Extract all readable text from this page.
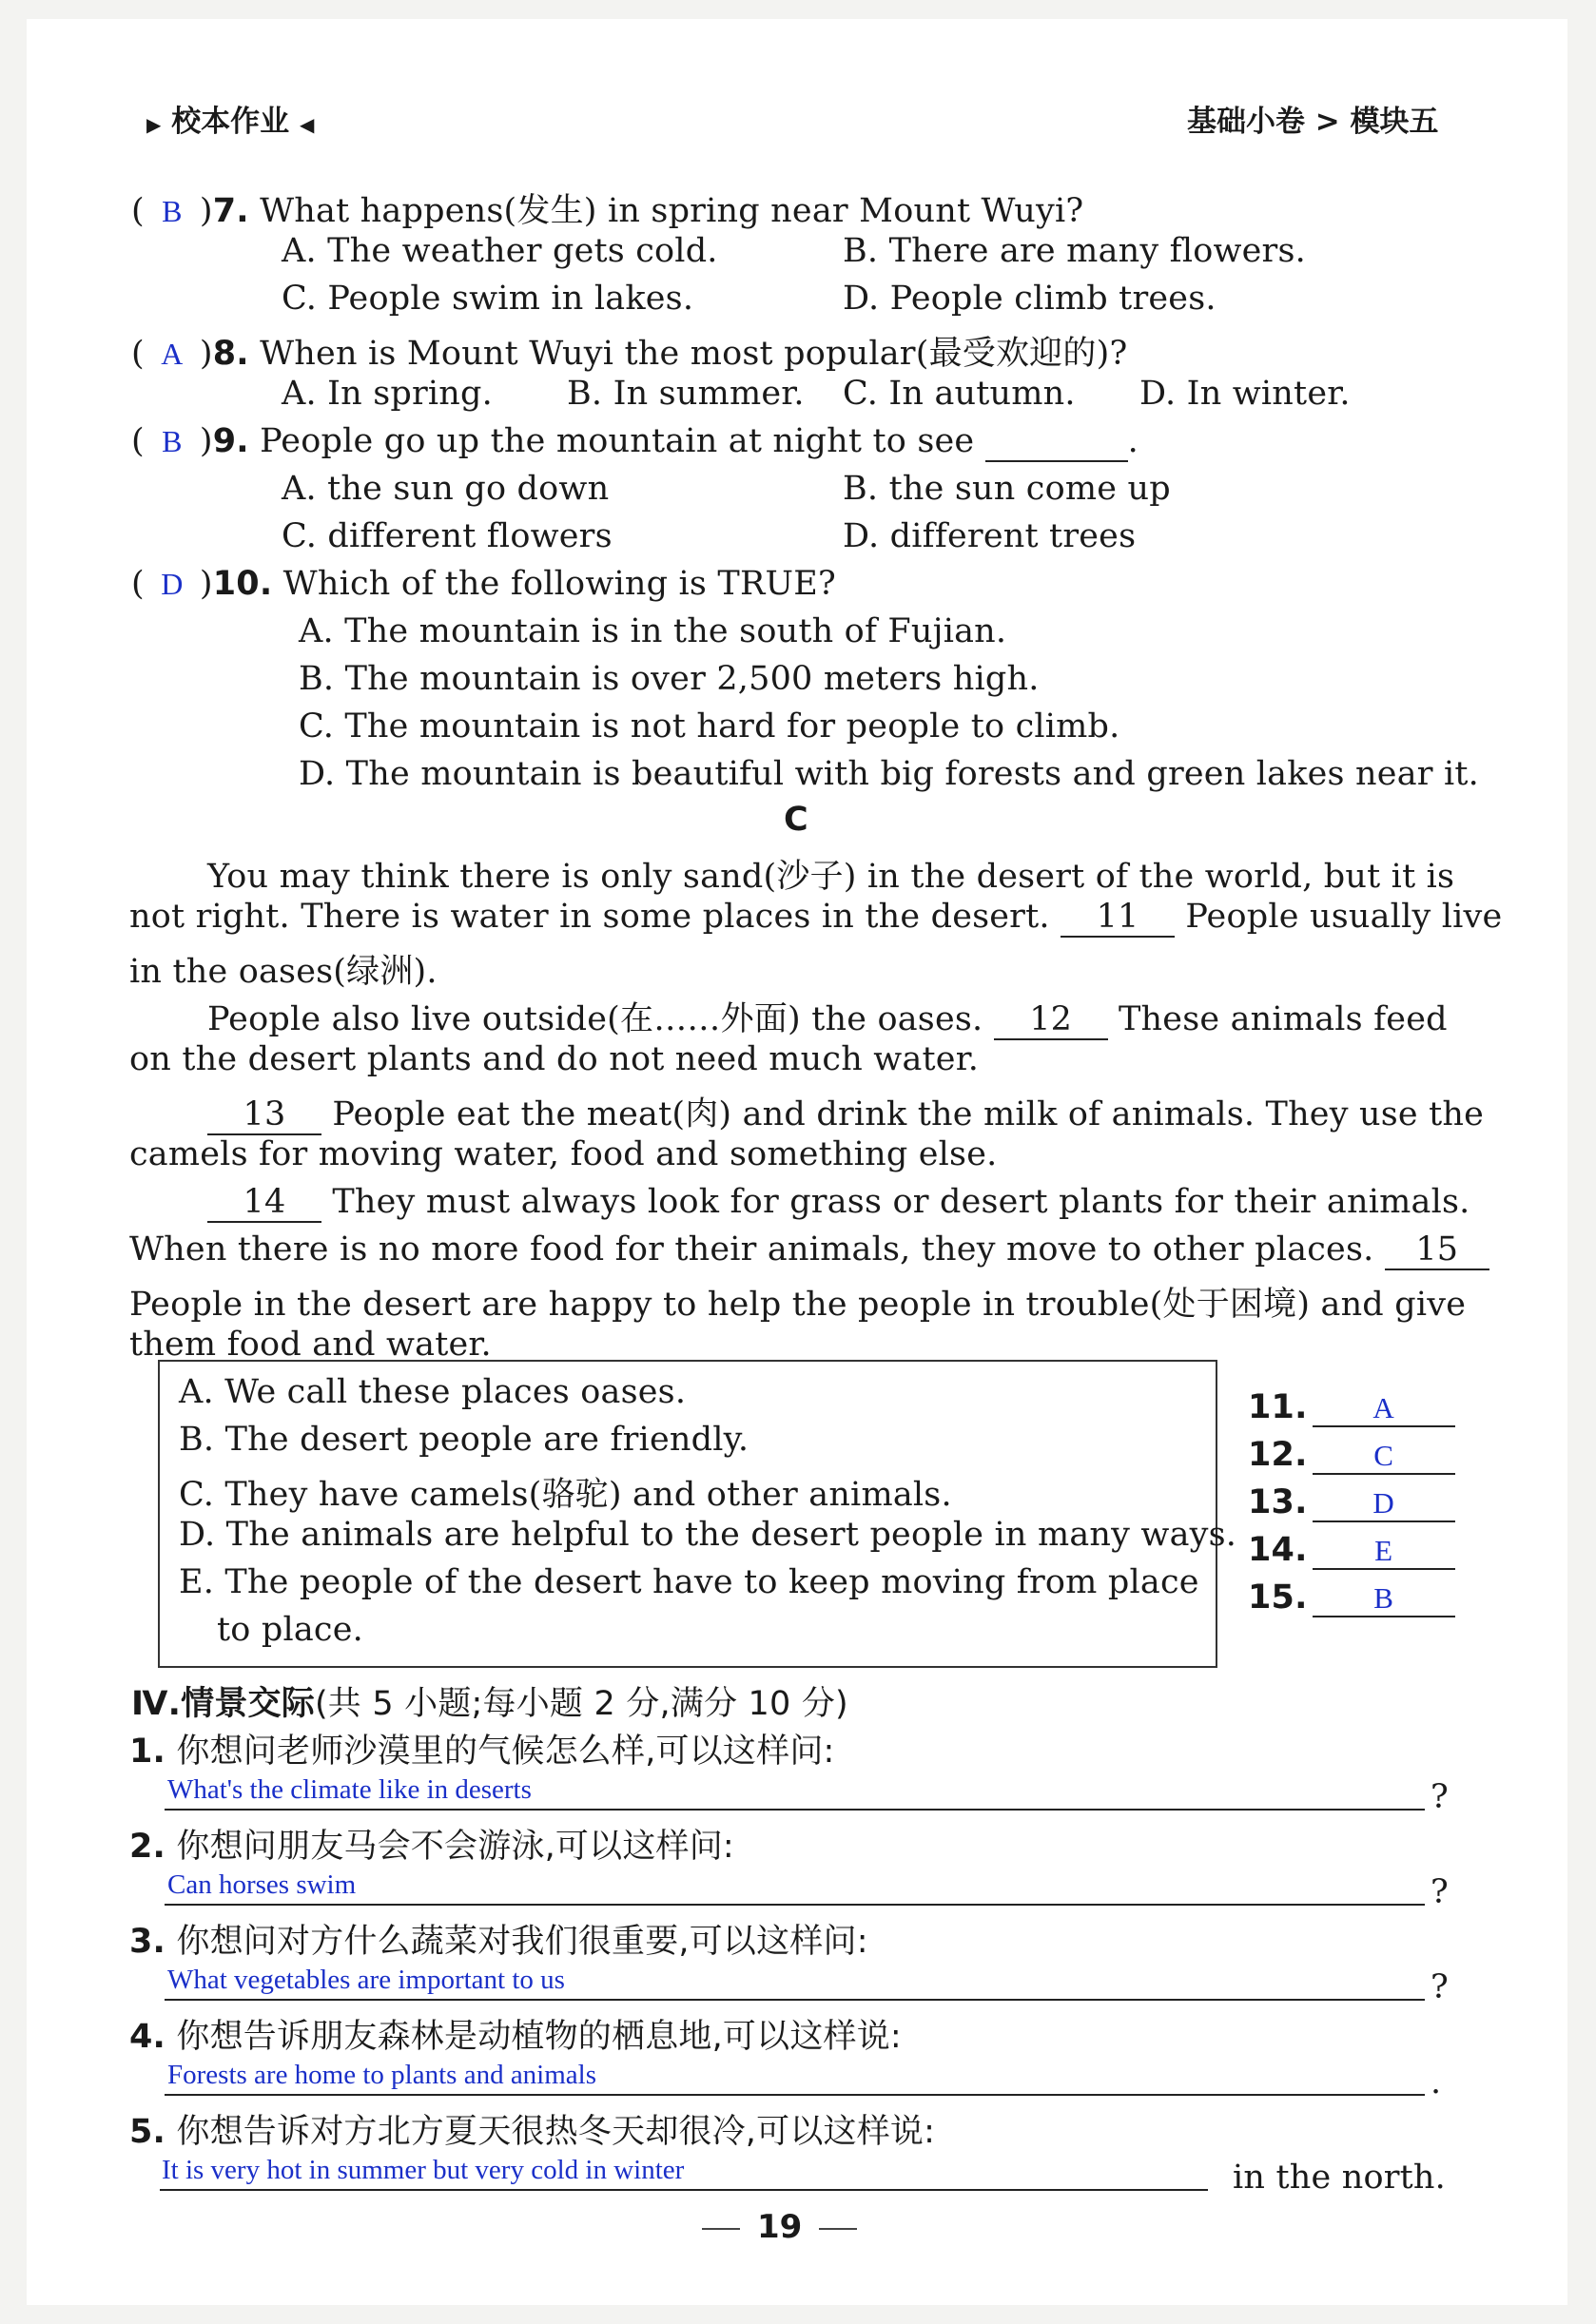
▶ 校本作业 ◀	基础小卷 > 模块五
( B )7. What happens(发生) in spring near Mount Wuyi?
A. The weather gets cold.	B. There are many flowers.
C. People swim in lakes.	D. People climb trees.
( A )8. When is Mount Wuyi the most popular(最受欢迎的)?
A. In spring. B. In summer. C. In autumn. D. In winter.
( B )9. People go up the mountain at night to see	.
A. the sun go down	B. the sun come up
C. different flowers	D. different trees
( D )10. Which of the following is TRUE?
A. The mountain is in the south of Fujian.
B. The mountain is over 2,500 meters high.
C. The mountain is not hard for people to climb.
D. The mountain is beautiful with big forests and green lakes near it.
C
You may think there is only sand(沙子) in the desert of the world, but it is
not right. There is water in some places in the desert. 11 People usually live
in the oases(绿洲).
People also live outside(在……外面) the oases. 12 These animals feed
on the desert plants and do not need much water.
13 People eat the meat(肉) and drink the milk of animals. They use the
camels for moving water, food and something else.
14 They must always look for grass or desert plants for their animals.
When there is no more food for their animals, they move to other places. 15
People in the desert are happy to help the people in trouble(处于困境) and give
them food and water.
A. We call these places oases.
B. The desert people are friendly.
C. They have camels(骆驼) and other animals.
D. The animals are helpful to the desert people in many ways.
E. The people of the desert have to keep moving from place
to place.
11. A
12. C
13. D
14. E
15. B
Ⅳ.情景交际(共 5 小题;每小题 2 分,满分 10 分)
1. 你想问老师沙漠里的气候怎么样,可以这样问:
What's the climate like in deserts	?
2. 你想问朋友马会不会游泳,可以这样问:
Can horses swim	?
3. 你想问对方什么蔬菜对我们很重要,可以这样问:
What vegetables are important to us	?
4. 你想告诉朋友森林是动植物的栖息地,可以这样说:
Forests are home to plants and animals	.
5. 你想告诉对方北方夏天很热冬天却很冷,可以这样说:
It is very hot in summer but very cold in winter	in the north.
19
